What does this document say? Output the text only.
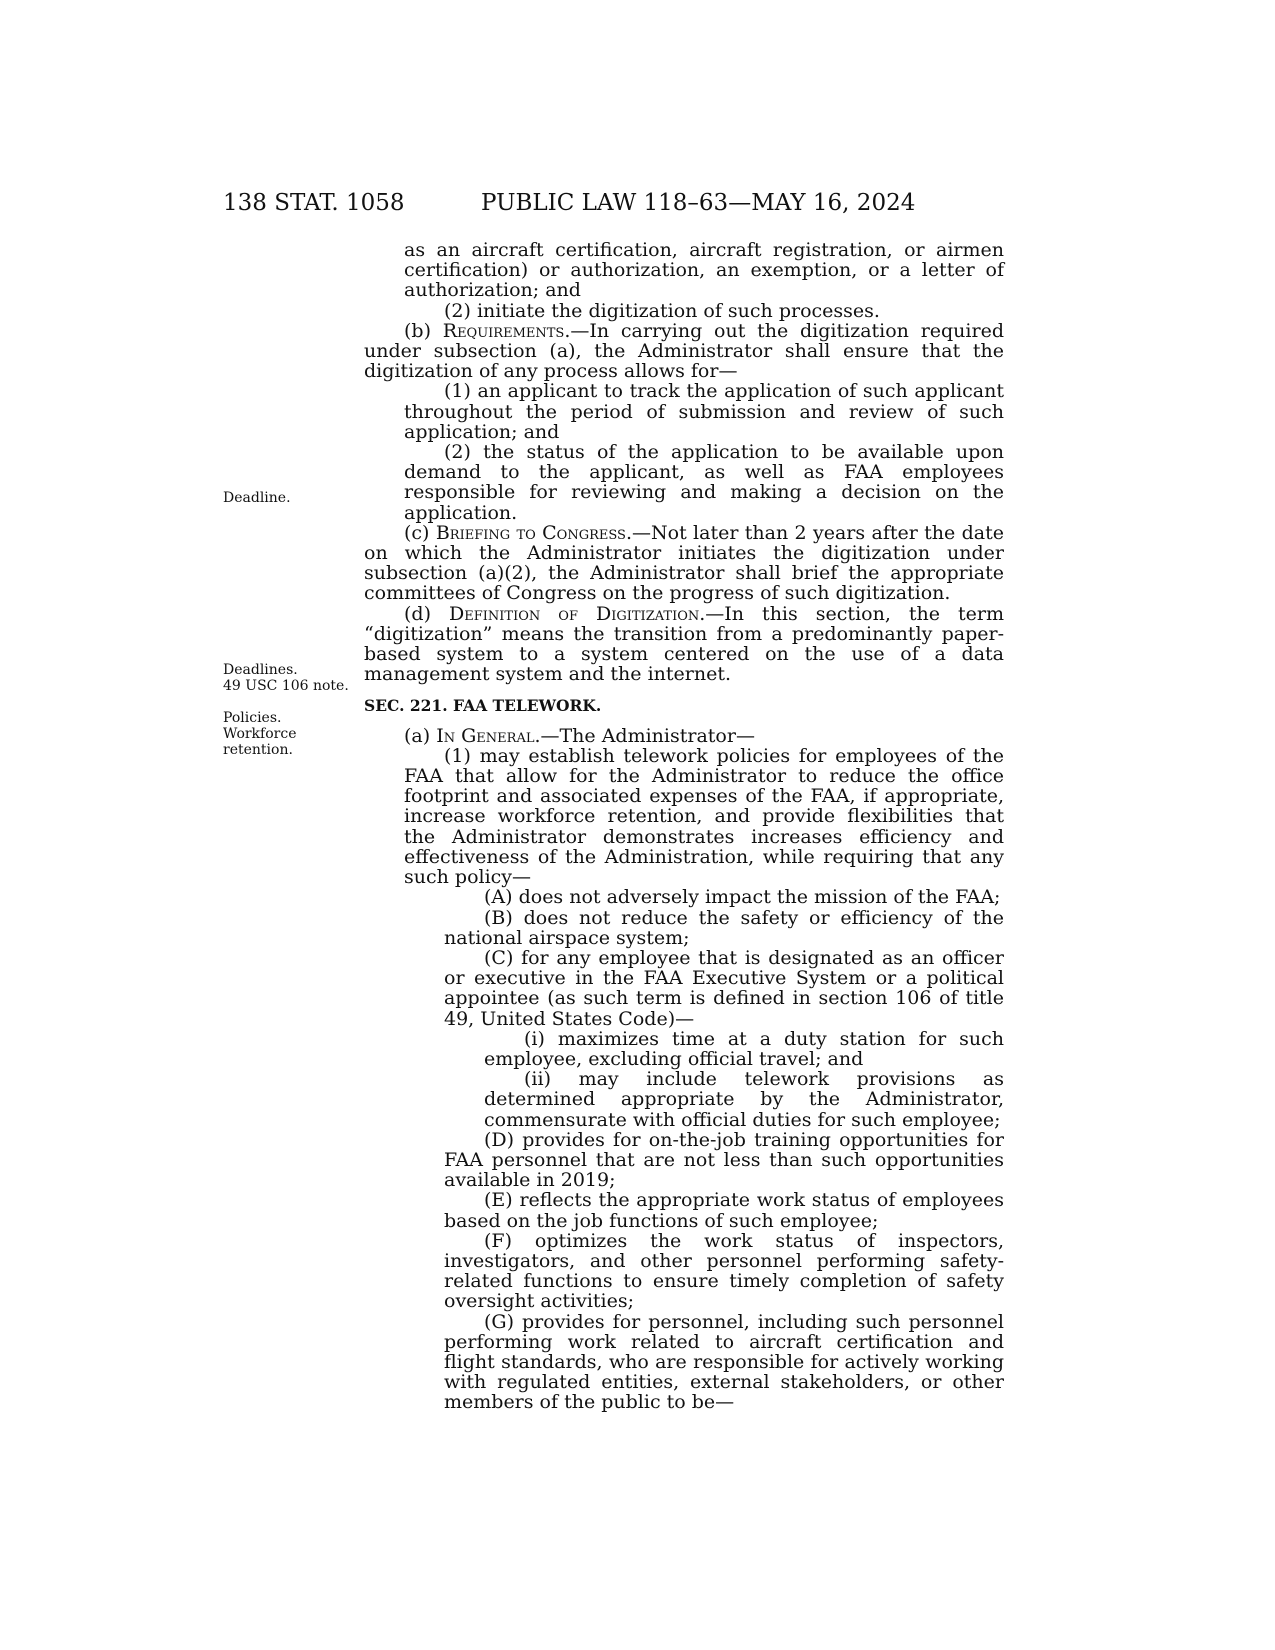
138 STAT. 1058	PUBLIC LAW 118–63—MAY 16, 2024
Deadline.
Deadlines.
49 USC 106 note.
Policies.
Workforce
retention.

as an aircraft certification, aircraft registration, or airmen certification) or authorization, an exemption, or a letter of authorization; and

(2) initiate the digitization of such processes.

(b) Requirements.—In carrying out the digitization required under subsection (a), the Administrator shall ensure that the digitization of any process allows for—

(1) an applicant to track the application of such applicant throughout the period of submission and review of such application; and

(2) the status of the application to be available upon demand to the applicant, as well as FAA employees responsible for reviewing and making a decision on the application.

(c) Briefing to Congress.—Not later than 2 years after the date on which the Administrator initiates the digitization under subsection (a)(2), the Administrator shall brief the appropriate committees of Congress on the progress of such digitization.

(d) Definition of Digitization.—In this section, the term “digitization” means the transition from a predominantly paper-based system to a system centered on the use of a data management system and the internet.

SEC. 221. FAA TELEWORK.

(a) In General.—The Administrator—

(1) may establish telework policies for employees of the FAA that allow for the Administrator to reduce the office footprint and associated expenses of the FAA, if appropriate, increase workforce retention, and provide flexibilities that the Administrator demonstrates increases efficiency and effectiveness of the Administration, while requiring that any such policy—

(A) does not adversely impact the mission of the FAA;

(B) does not reduce the safety or efficiency of the national airspace system;

(C) for any employee that is designated as an officer or executive in the FAA Executive System or a political appointee (as such term is defined in section 106 of title 49, United States Code)—

(i) maximizes time at a duty station for such employee, excluding official travel; and

(ii) may include telework provisions as determined appropriate by the Administrator, commensurate with official duties for such employee;

(D) provides for on-the-job training opportunities for FAA personnel that are not less than such opportunities available in 2019;

(E) reflects the appropriate work status of employees based on the job functions of such employee;

(F) optimizes the work status of inspectors, investigators, and other personnel performing safety-related functions to ensure timely completion of safety oversight activities;

(G) provides for personnel, including such personnel performing work related to aircraft certification and flight standards, who are responsible for actively working with regulated entities, external stakeholders, or other members of the public to be—
